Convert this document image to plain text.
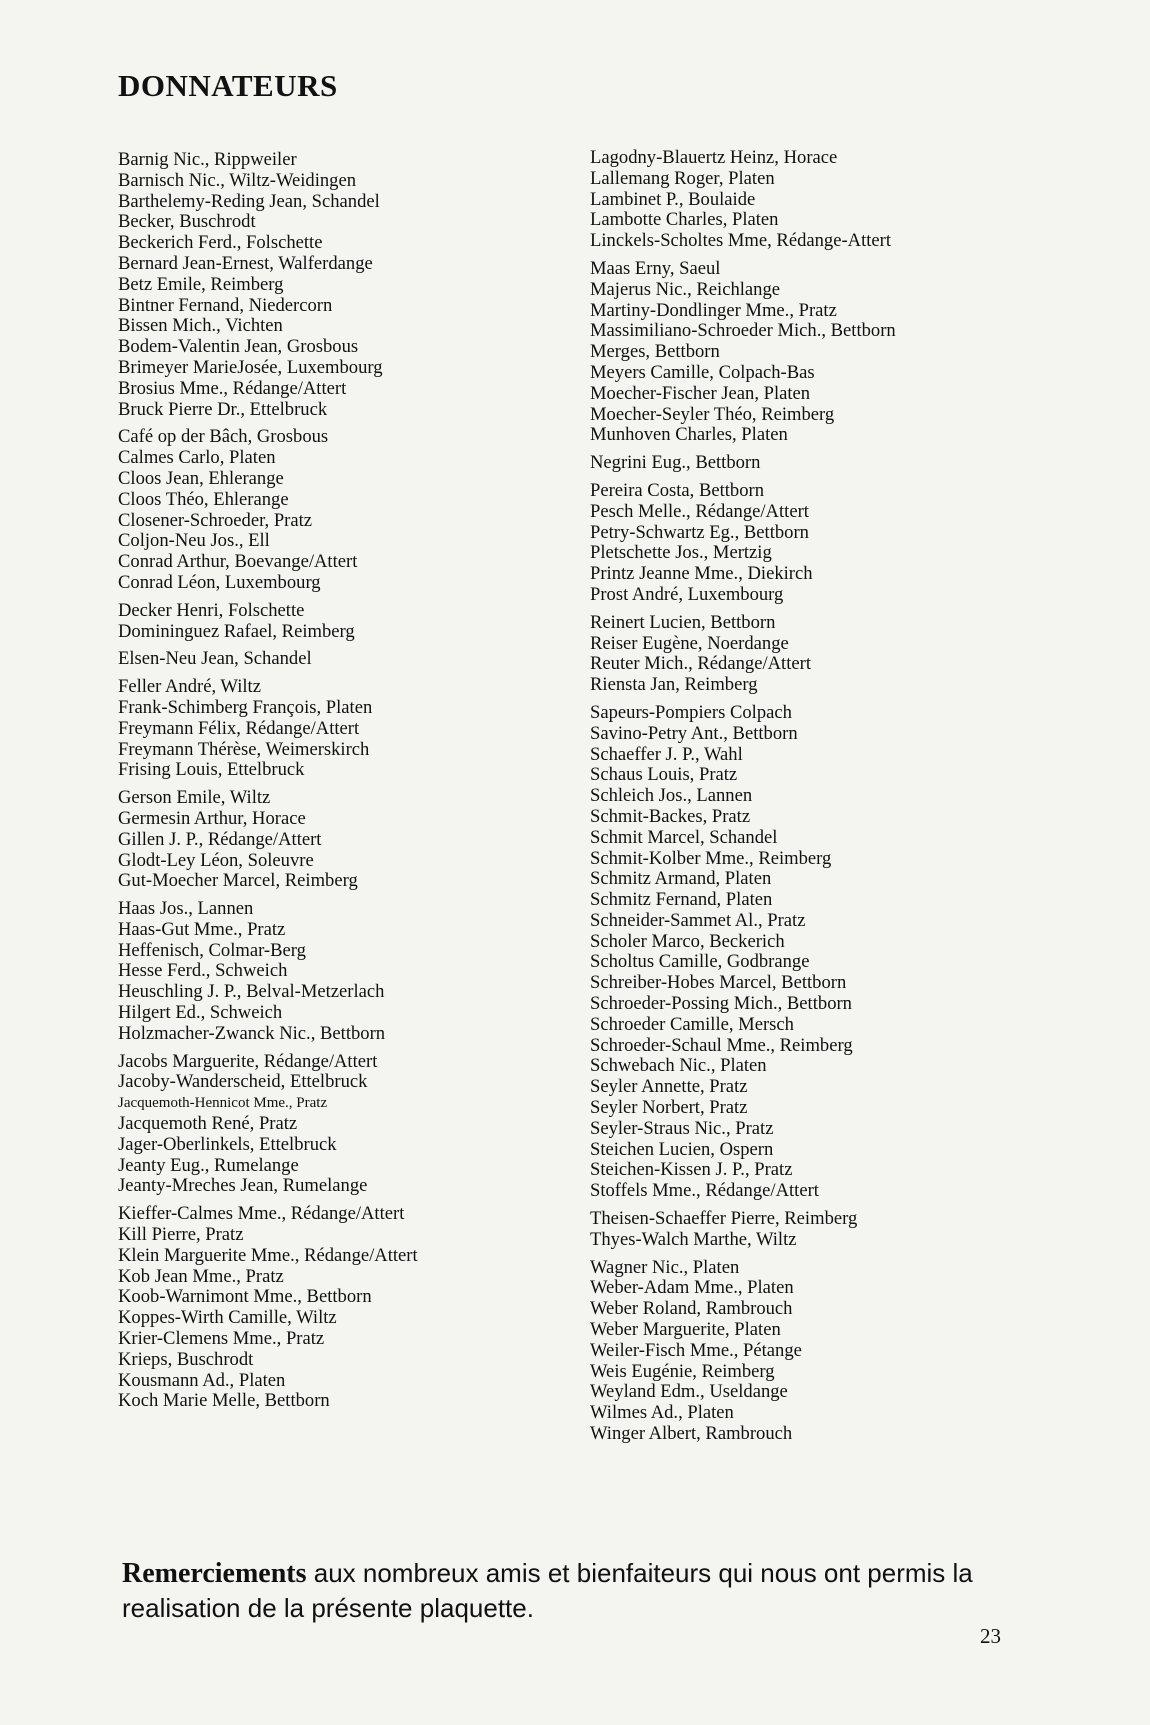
DONNATEURS
Barnig Nic., Rippweiler
Barnisch Nic., Wiltz-Weidingen
Barthelemy-Reding Jean, Schandel
Becker, Buschrodt
Beckerich Ferd., Folschette
Bernard Jean-Ernest, Walferdange
Betz Emile, Reimberg
Bintner Fernand, Niedercorn
Bissen Mich., Vichten
Bodem-Valentin Jean, Grosbous
Brimeyer MarieJosée, Luxembourg
Brosius Mme., Rédange/Attert
Bruck Pierre Dr., Ettelbruck
Café op der Bâch, Grosbous
Calmes Carlo, Platen
Cloos Jean, Ehlerange
Cloos Théo, Ehlerange
Closener-Schroeder, Pratz
Coljon-Neu Jos., Ell
Conrad Arthur, Boevange/Attert
Conrad Léon, Luxembourg
Decker Henri, Folschette
Domininguez Rafael, Reimberg
Elsen-Neu Jean, Schandel
Feller André, Wiltz
Frank-Schimberg François, Platen
Freymann Félix, Rédange/Attert
Freymann Thérèse, Weimerskirch
Frising Louis, Ettelbruck
Gerson Emile, Wiltz
Germesin Arthur, Horace
Gillen J. P., Rédange/Attert
Glodt-Ley Léon, Soleuvre
Gut-Moecher Marcel, Reimberg
Haas Jos., Lannen
Haas-Gut Mme., Pratz
Heffenisch, Colmar-Berg
Hesse Ferd., Schweich
Heuschling J. P., Belval-Metzerlach
Hilgert Ed., Schweich
Holzmacher-Zwanck Nic., Bettborn
Jacobs Marguerite, Rédange/Attert
Jacoby-Wanderscheid, Ettelbruck
Jacquemoth-Hennicot Mme., Pratz
Jacquemoth René, Pratz
Jager-Oberlinkels, Ettelbruck
Jeanty Eug., Rumelange
Jeanty-Mreches Jean, Rumelange
Kieffer-Calmes Mme., Rédange/Attert
Kill Pierre, Pratz
Klein Marguerite Mme., Rédange/Attert
Kob Jean Mme., Pratz
Koob-Warnimont Mme., Bettborn
Koppes-Wirth Camille, Wiltz
Krier-Clemens Mme., Pratz
Krieps, Buschrodt
Kousmann Ad., Platen
Koch Marie Melle, Bettborn
Lagodny-Blauertz Heinz, Horace
Lallemang Roger, Platen
Lambinet P., Boulaide
Lambotte Charles, Platen
Linckels-Scholtes Mme, Rédange-Attert
Maas Erny, Saeul
Majerus Nic., Reichlange
Martiny-Dondlinger Mme., Pratz
Massimiliano-Schroeder Mich., Bettborn
Merges, Bettborn
Meyers Camille, Colpach-Bas
Moecher-Fischer Jean, Platen
Moecher-Seyler Théo, Reimberg
Munhoven Charles, Platen
Negrini Eug., Bettborn
Pereira Costa, Bettborn
Pesch Melle., Rédange/Attert
Petry-Schwartz Eg., Bettborn
Pletschette Jos., Mertzig
Printz Jeanne Mme., Diekirch
Prost André, Luxembourg
Reinert Lucien, Bettborn
Reiser Eugène, Noerdange
Reuter Mich., Rédange/Attert
Riensta Jan, Reimberg
Sapeurs-Pompiers Colpach
Savino-Petry Ant., Bettborn
Schaeffer J. P., Wahl
Schaus Louis, Pratz
Schleich Jos., Lannen
Schmit-Backes, Pratz
Schmit Marcel, Schandel
Schmit-Kolber Mme., Reimberg
Schmitz Armand, Platen
Schmitz Fernand, Platen
Schneider-Sammet Al., Pratz
Scholer Marco, Beckerich
Scholtus Camille, Godbrange
Schreiber-Hobes Marcel, Bettborn
Schroeder-Possing Mich., Bettborn
Schroeder Camille, Mersch
Schroeder-Schaul Mme., Reimberg
Schwebach Nic., Platen
Seyler Annette, Pratz
Seyler Norbert, Pratz
Seyler-Straus Nic., Pratz
Steichen Lucien, Ospern
Steichen-Kissen J. P., Pratz
Stoffels Mme., Rédange/Attert
Theisen-Schaeffer Pierre, Reimberg
Thyes-Walch Marthe, Wiltz
Wagner Nic., Platen
Weber-Adam Mme., Platen
Weber Roland, Rambrouch
Weber Marguerite, Platen
Weiler-Fisch Mme., Pétange
Weis Eugénie, Reimberg
Weyland Edm., Useldange
Wilmes Ad., Platen
Winger Albert, Rambrouch

Remerciements aux nombreux amis et bienfaiteurs qui nous ont permis la realisation de la présente plaquette.

23
